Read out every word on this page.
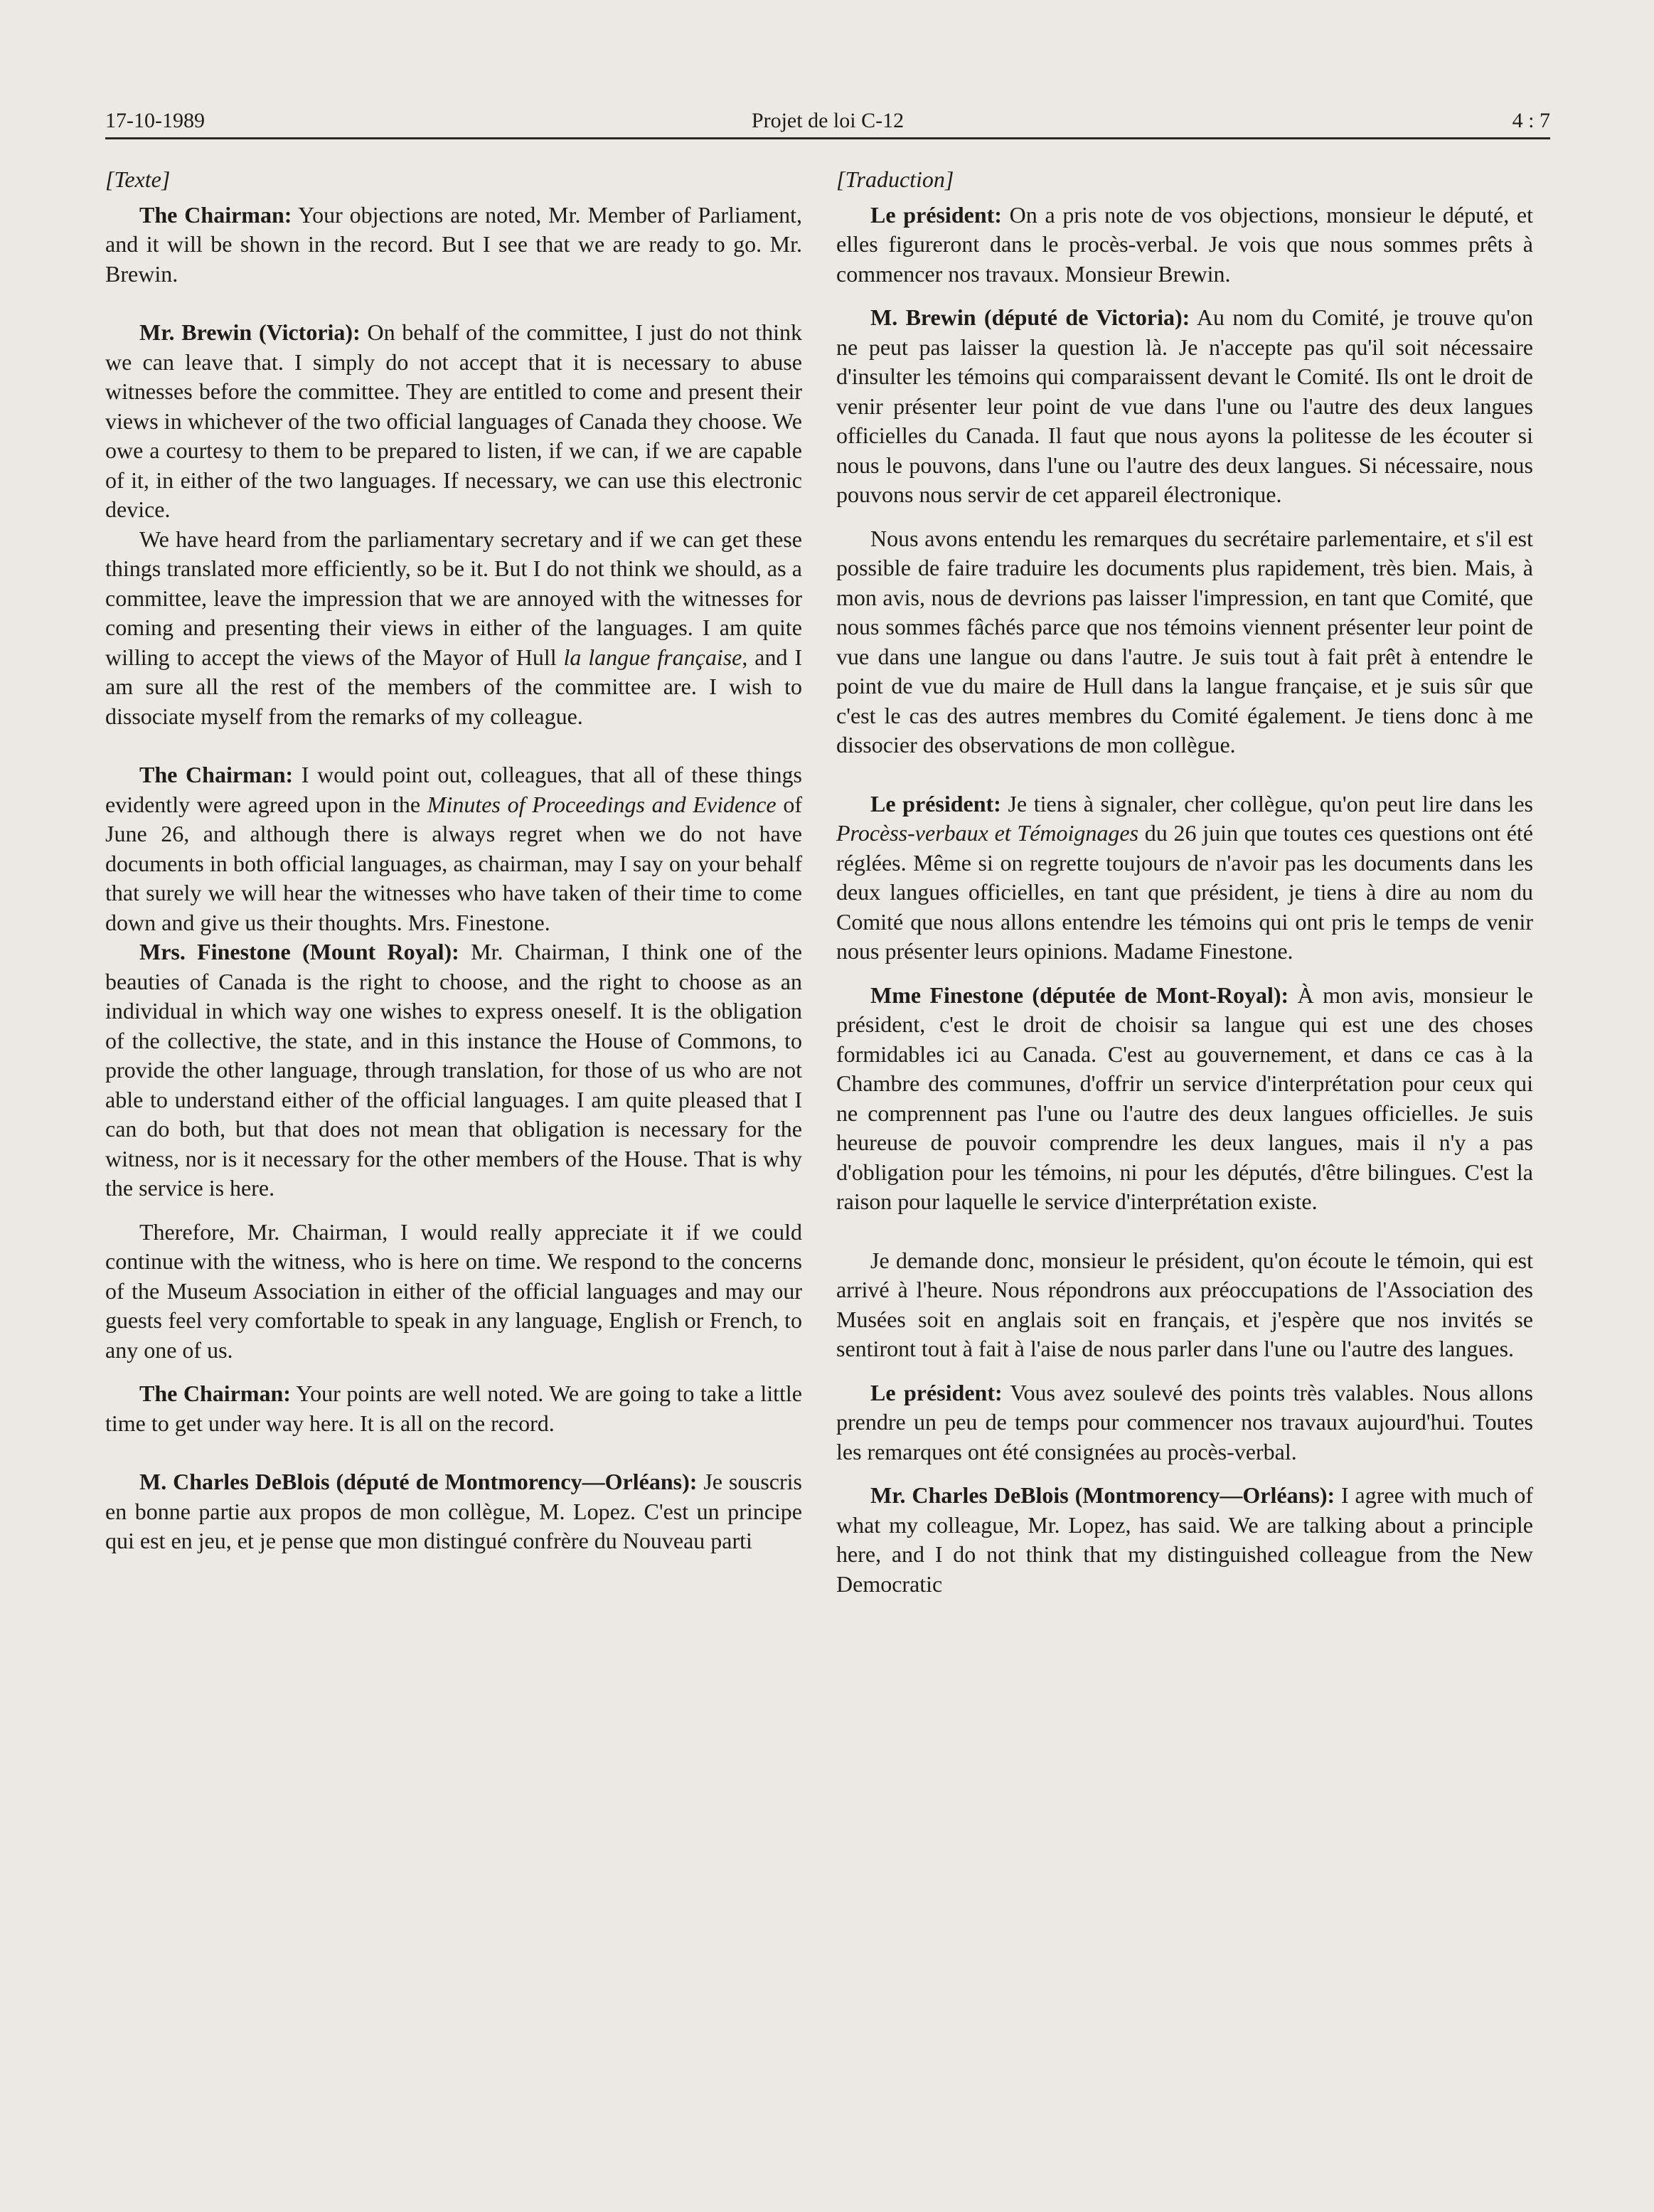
17-10-1989	Projet de loi C-12	4 : 7
[Texte]

The Chairman: Your objections are noted, Mr. Member of Parliament, and it will be shown in the record. But I see that we are ready to go. Mr. Brewin.

Mr. Brewin (Victoria): On behalf of the committee, I just do not think we can leave that. I simply do not accept that it is necessary to abuse witnesses before the committee. They are entitled to come and present their views in whichever of the two official languages of Canada they choose. We owe a courtesy to them to be prepared to listen, if we can, if we are capable of it, in either of the two languages. If necessary, we can use this electronic device.

We have heard from the parliamentary secretary and if we can get these things translated more efficiently, so be it. But I do not think we should, as a committee, leave the impression that we are annoyed with the witnesses for coming and presenting their views in either of the languages. I am quite willing to accept the views of the Mayor of Hull la langue française, and I am sure all the rest of the members of the committee are. I wish to dissociate myself from the remarks of my colleague.

The Chairman: I would point out, colleagues, that all of these things evidently were agreed upon in the Minutes of Proceedings and Evidence of June 26, and although there is always regret when we do not have documents in both official languages, as chairman, may I say on your behalf that surely we will hear the witnesses who have taken of their time to come down and give us their thoughts. Mrs. Finestone.

Mrs. Finestone (Mount Royal): Mr. Chairman, I think one of the beauties of Canada is the right to choose, and the right to choose as an individual in which way one wishes to express oneself. It is the obligation of the collective, the state, and in this instance the House of Commons, to provide the other language, through translation, for those of us who are not able to understand either of the official languages. I am quite pleased that I can do both, but that does not mean that obligation is necessary for the witness, nor is it necessary for the other members of the House. That is why the service is here.

Therefore, Mr. Chairman, I would really appreciate it if we could continue with the witness, who is here on time. We respond to the concerns of the Museum Association in either of the official languages and may our guests feel very comfortable to speak in any language, English or French, to any one of us.

The Chairman: Your points are well noted. We are going to take a little time to get under way here. It is all on the record.

M. Charles DeBlois (député de Montmorency—Orléans): Je souscris en bonne partie aux propos de mon collègue, M. Lopez. C'est un principe qui est en jeu, et je pense que mon distingué confrère du Nouveau parti

[Traduction]

Le président: On a pris note de vos objections, monsieur le député, et elles figureront dans le procès-verbal. Je vois que nous sommes prêts à commencer nos travaux. Monsieur Brewin.

M. Brewin (député de Victoria): Au nom du Comité, je trouve qu'on ne peut pas laisser la question là. Je n'accepte pas qu'il soit nécessaire d'insulter les témoins qui comparaissent devant le Comité. Ils ont le droit de venir présenter leur point de vue dans l'une ou l'autre des deux langues officielles du Canada. Il faut que nous ayons la politesse de les écouter si nous le pouvons, dans l'une ou l'autre des deux langues. Si nécessaire, nous pouvons nous servir de cet appareil électronique.

Nous avons entendu les remarques du secrétaire parlementaire, et s'il est possible de faire traduire les documents plus rapidement, très bien. Mais, à mon avis, nous de devrions pas laisser l'impression, en tant que Comité, que nous sommes fâchés parce que nos témoins viennent présenter leur point de vue dans une langue ou dans l'autre. Je suis tout à fait prêt à entendre le point de vue du maire de Hull dans la langue française, et je suis sûr que c'est le cas des autres membres du Comité également. Je tiens donc à me dissocier des observations de mon collègue.

Le président: Je tiens à signaler, cher collègue, qu'on peut lire dans les Procèss-verbaux et Témoignages du 26 juin que toutes ces questions ont été réglées. Même si on regrette toujours de n'avoir pas les documents dans les deux langues officielles, en tant que président, je tiens à dire au nom du Comité que nous allons entendre les témoins qui ont pris le temps de venir nous présenter leurs opinions. Madame Finestone.

Mme Finestone (députée de Mont-Royal): À mon avis, monsieur le président, c'est le droit de choisir sa langue qui est une des choses formidables ici au Canada. C'est au gouvernement, et dans ce cas à la Chambre des communes, d'offrir un service d'interprétation pour ceux qui ne comprennent pas l'une ou l'autre des deux langues officielles. Je suis heureuse de pouvoir comprendre les deux langues, mais il n'y a pas d'obligation pour les témoins, ni pour les députés, d'être bilingues. C'est la raison pour laquelle le service d'interprétation existe.

Je demande donc, monsieur le président, qu'on écoute le témoin, qui est arrivé à l'heure. Nous répondrons aux préoccupations de l'Association des Musées soit en anglais soit en français, et j'espère que nos invités se sentiront tout à fait à l'aise de nous parler dans l'une ou l'autre des langues.

Le président: Vous avez soulevé des points très valables. Nous allons prendre un peu de temps pour commencer nos travaux aujourd'hui. Toutes les remarques ont été consignées au procès-verbal.

Mr. Charles DeBlois (Montmorency—Orléans): I agree with much of what my colleague, Mr. Lopez, has said. We are talking about a principle here, and I do not think that my distinguished colleague from the New Democratic
